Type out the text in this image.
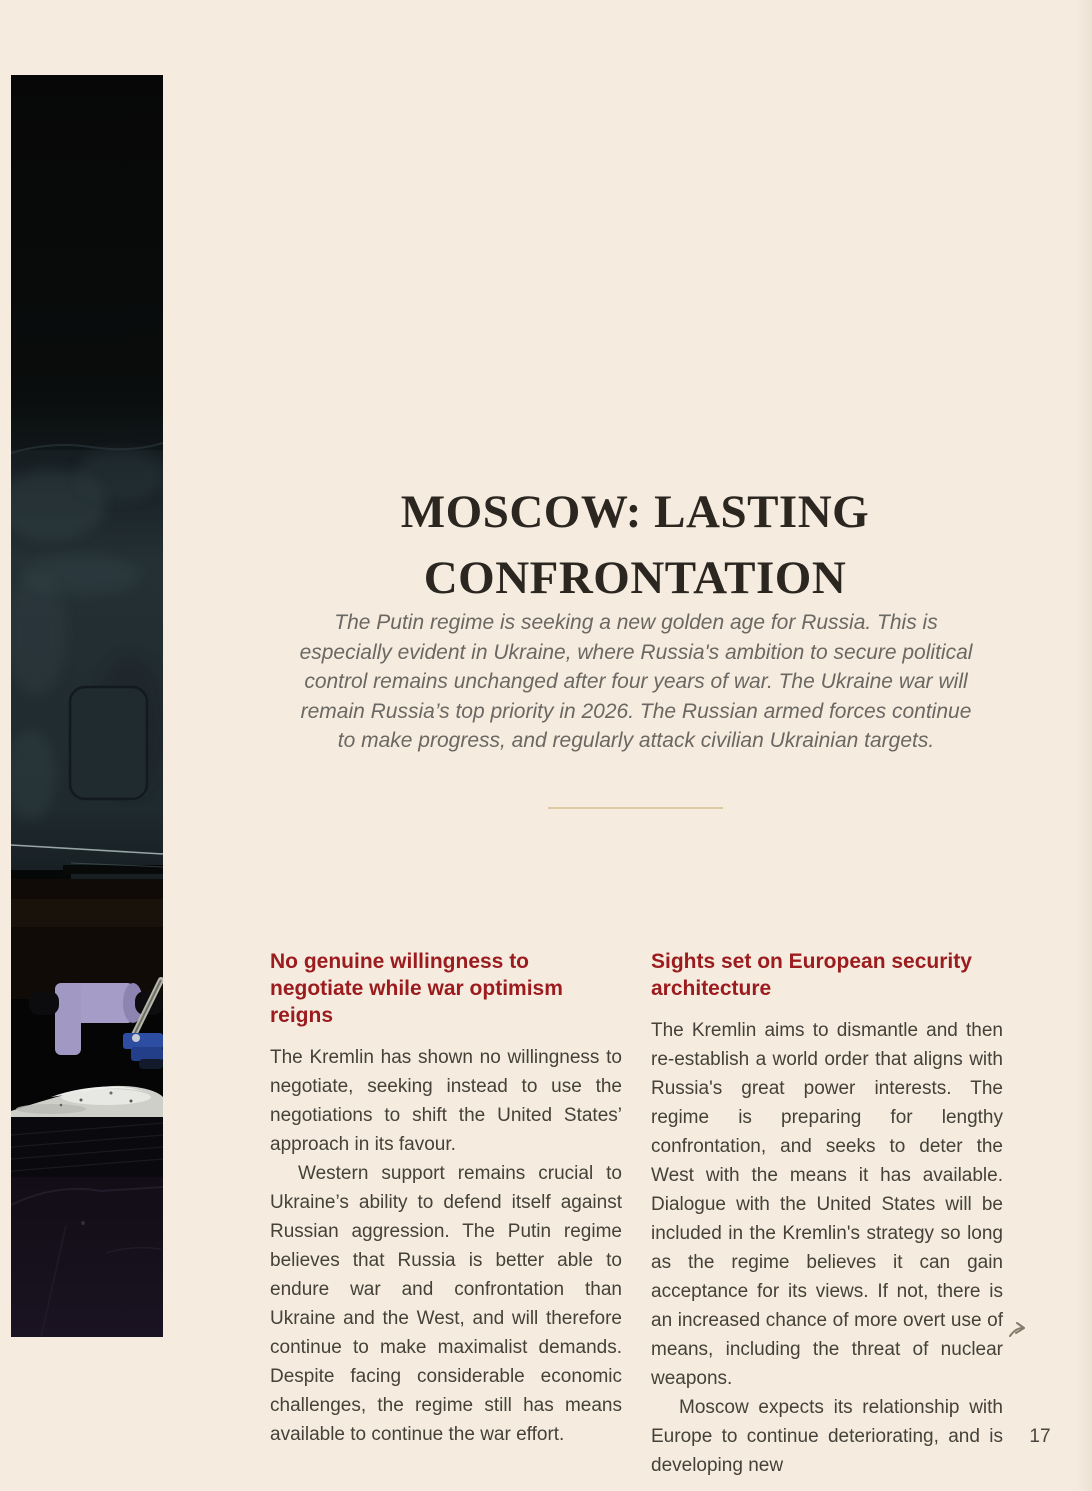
MOSCOW: LASTING
CONFRONTATION
The Putin regime is seeking a new golden age for Russia. This is especially evident in Ukraine, where Russia's ambition to secure political control remains unchanged after four years of war. The Ukraine war will remain Russia’s top priority in 2026. The Russian armed forces continue to make progress, and regularly attack civilian Ukrainian targets.
No genuine willingness to negotiate while war optimism reigns

The Kremlin has shown no willingness to negotiate, seeking instead to use the negotiations to shift the United States’ approach in its favour.

Western support remains crucial to Ukraine’s ability to defend itself against Russian aggression. The Putin regime believes that Russia is better able to endure war and confrontation than Ukraine and the West, and will therefore continue to make maximalist demands. Despite facing considerable economic challenges, the regime still has means available to continue the war effort.

Sights set on European security architecture

The Kremlin aims to dismantle and then re-establish a world order that aligns with Russia's great power interests. The regime is preparing for lengthy confrontation, and seeks to deter the West with the means it has available. Dialogue with the United States will be included in the Kremlin's strategy so long as the regime believes it can gain acceptance for its views. If not, there is an increased chance of more overt use of means, including the threat of nuclear weapons.

Moscow expects its relationship with Europe to continue deteriorating, and is developing new

17
